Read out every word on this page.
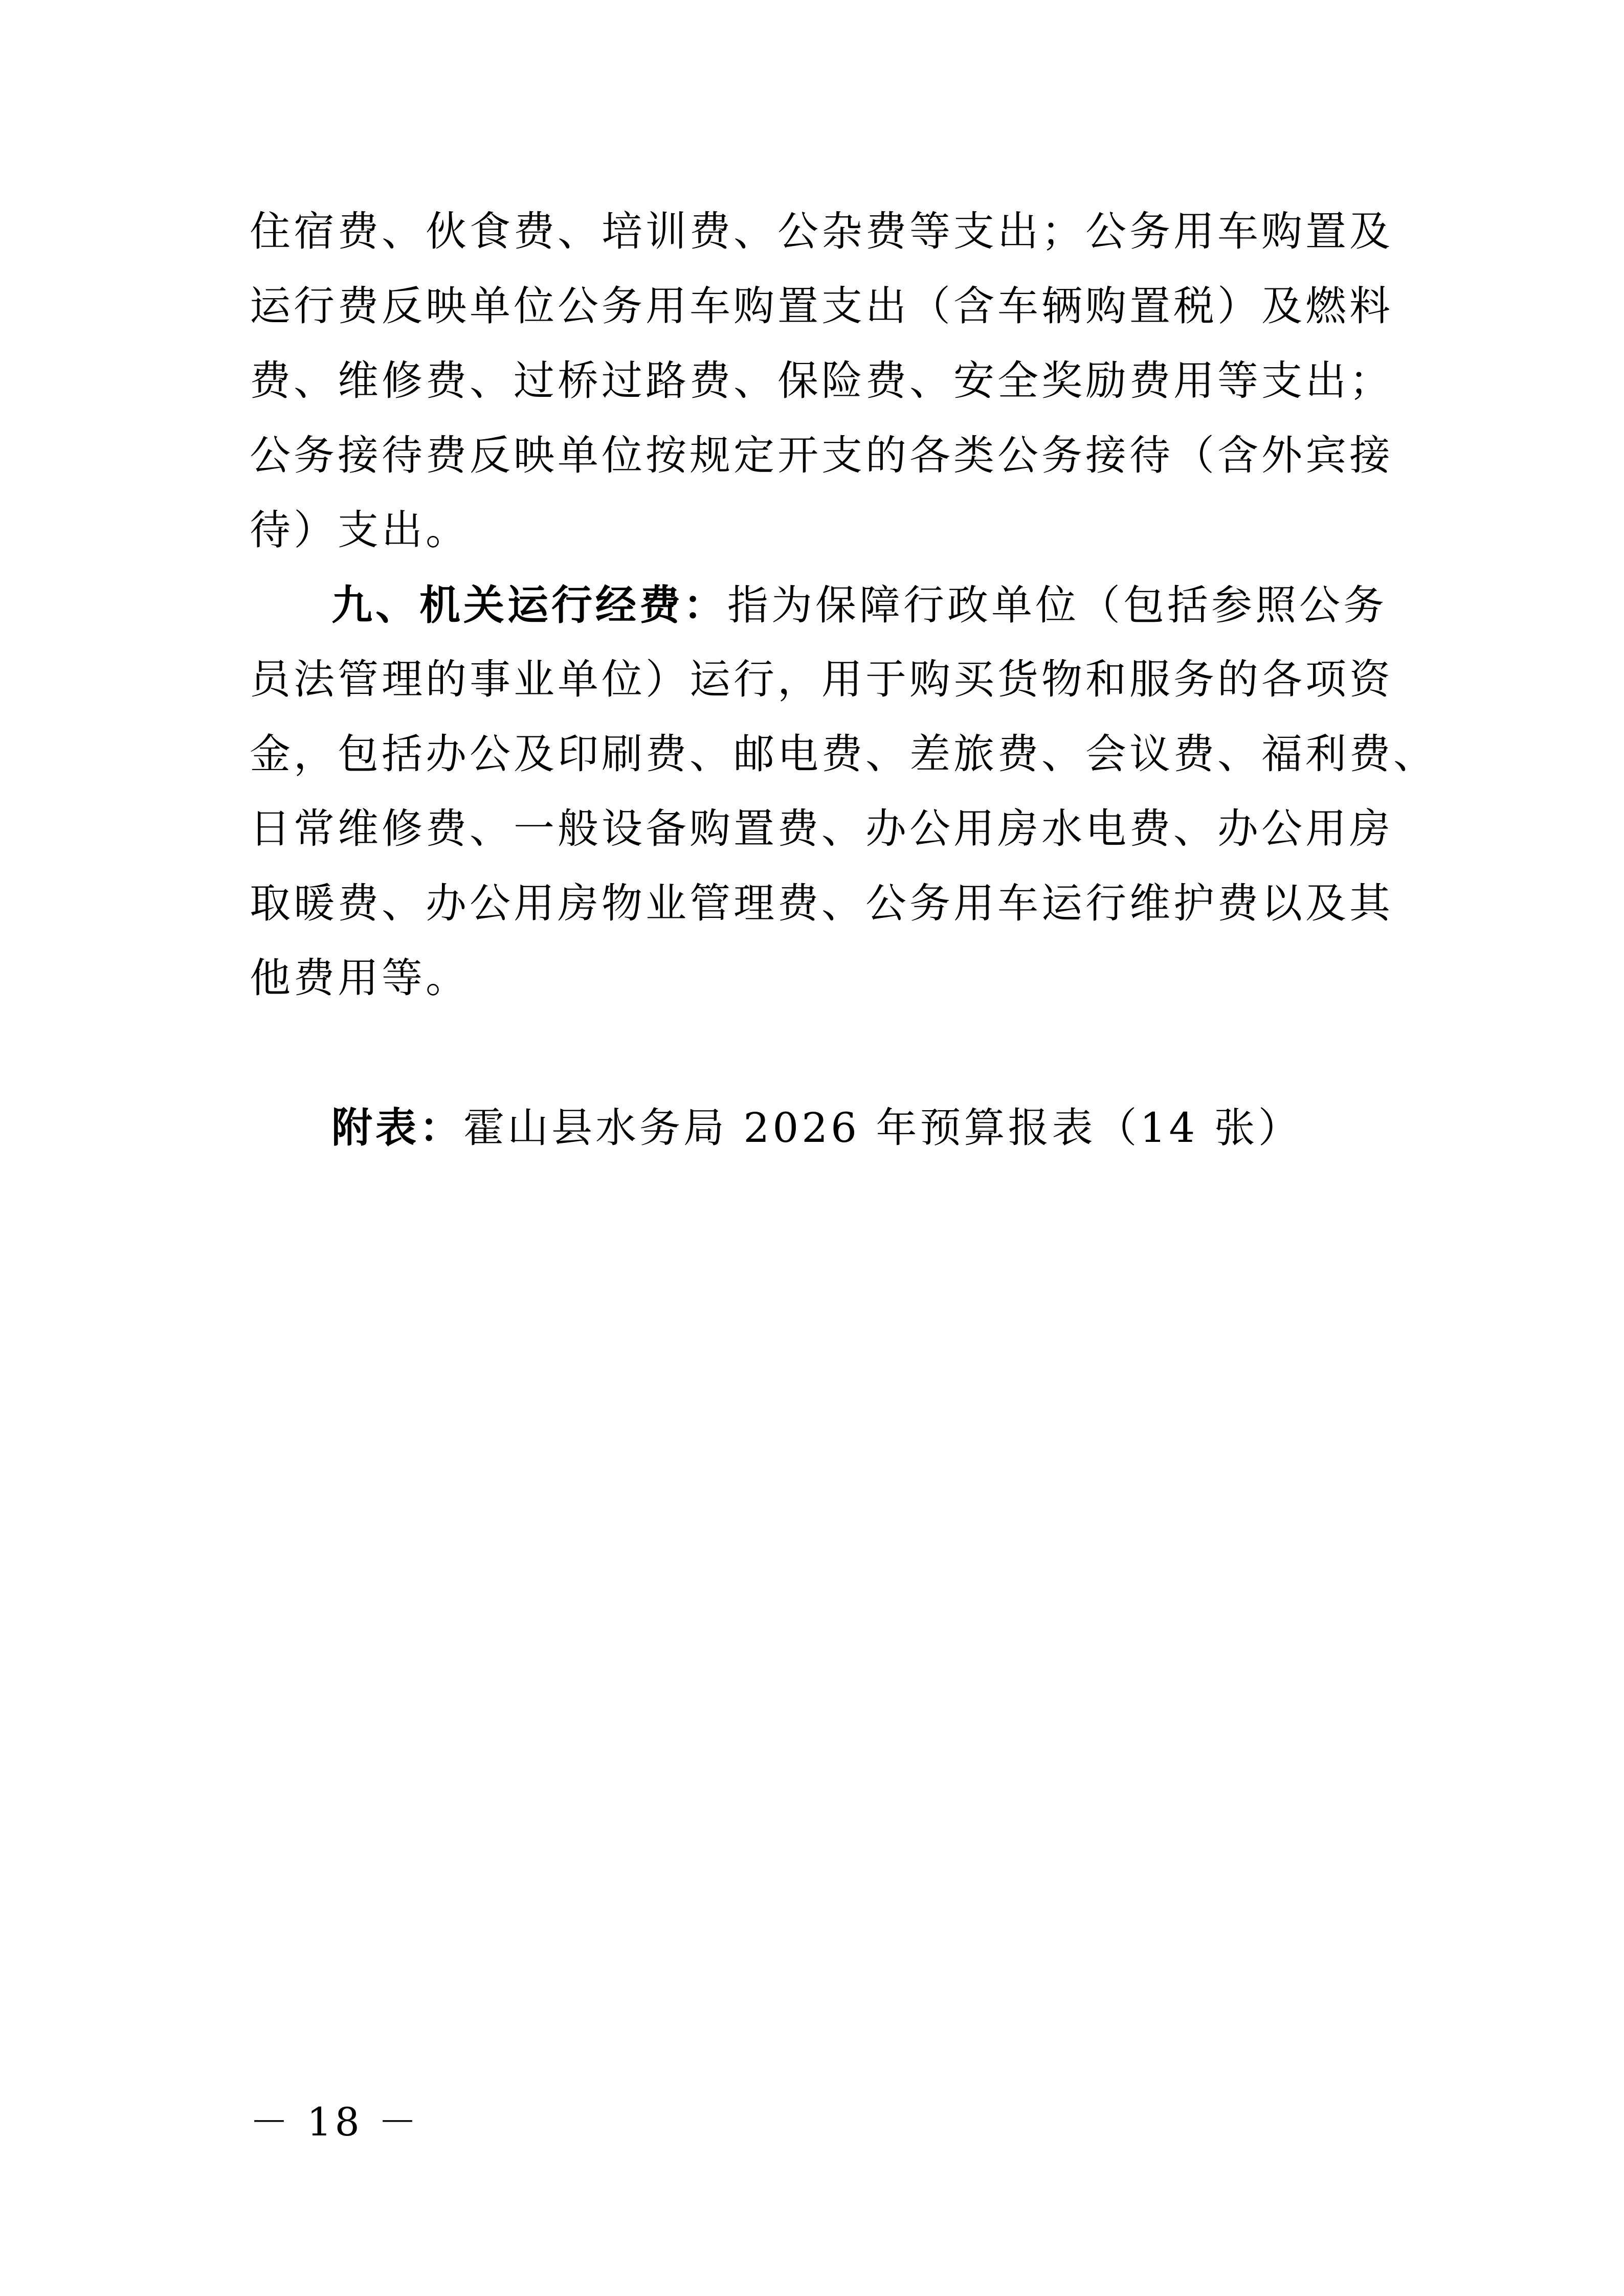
住宿费、伙食费、培训费、公杂费等支出；公务用车购置及
运行费反映单位公务用车购置支出（含车辆购置税）及燃料
费、维修费、过桥过路费、保险费、安全奖励费用等支出；
公务接待费反映单位按规定开支的各类公务接待（含外宾接
待）支出。
九、机关运行经费：指为保障行政单位（包括参照公务
员法管理的事业单位）运行，用于购买货物和服务的各项资
金，包括办公及印刷费、邮电费、差旅费、会议费、福利费、
日常维修费、一般设备购置费、办公用房水电费、办公用房
取暖费、办公用房物业管理费、公务用车运行维护费以及其
他费用等。
附表：霍山县水务局 2026 年预算报表（14 张）
－ 18 －
